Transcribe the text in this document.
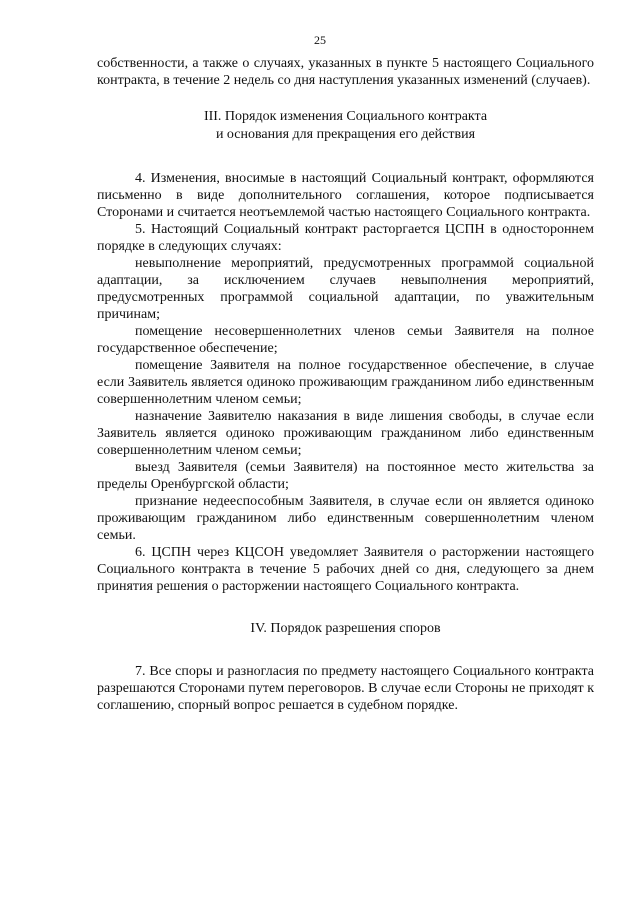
25

собственности, а также о случаях, указанных в пункте 5 настоящего Социального контракта, в течение 2 недель со дня наступления указанных изменений (случаев).

III. Порядок изменения Социального контракта
и основания для прекращения его действия

4. Изменения, вносимые в настоящий Социальный контракт, оформляются письменно в виде дополнительного соглашения, которое подписывается Сторонами и считается неотъемлемой частью настоящего Социального контракта.

5. Настоящий Социальный контракт расторгается ЦСПН в одностороннем порядке в следующих случаях:

невыполнение мероприятий, предусмотренных программой социальной адаптации, за исключением случаев невыполнения мероприятий, предусмотренных программой социальной адаптации, по уважительным причинам;

помещение несовершеннолетних членов семьи Заявителя на полное государственное обеспечение;

помещение Заявителя на полное государственное обеспечение, в случае если Заявитель является одиноко проживающим гражданином либо единственным совершеннолетним членом семьи;

назначение Заявителю наказания в виде лишения свободы, в случае если Заявитель является одиноко проживающим гражданином либо единственным совершеннолетним членом семьи;

выезд Заявителя (семьи Заявителя) на постоянное место жительства за пределы Оренбургской области;

признание недееспособным Заявителя, в случае если он является одиноко проживающим гражданином либо единственным совершеннолетним членом семьи.

6. ЦСПН через КЦСОН уведомляет Заявителя о расторжении настоящего Социального контракта в течение 5 рабочих дней со дня, следующего за днем принятия решения о расторжении настоящего Социального контракта.

IV. Порядок разрешения споров

7. Все споры и разногласия по предмету настоящего Социального контракта разрешаются Сторонами путем переговоров. В случае если Стороны не приходят к соглашению, спорный вопрос решается в судебном порядке.
